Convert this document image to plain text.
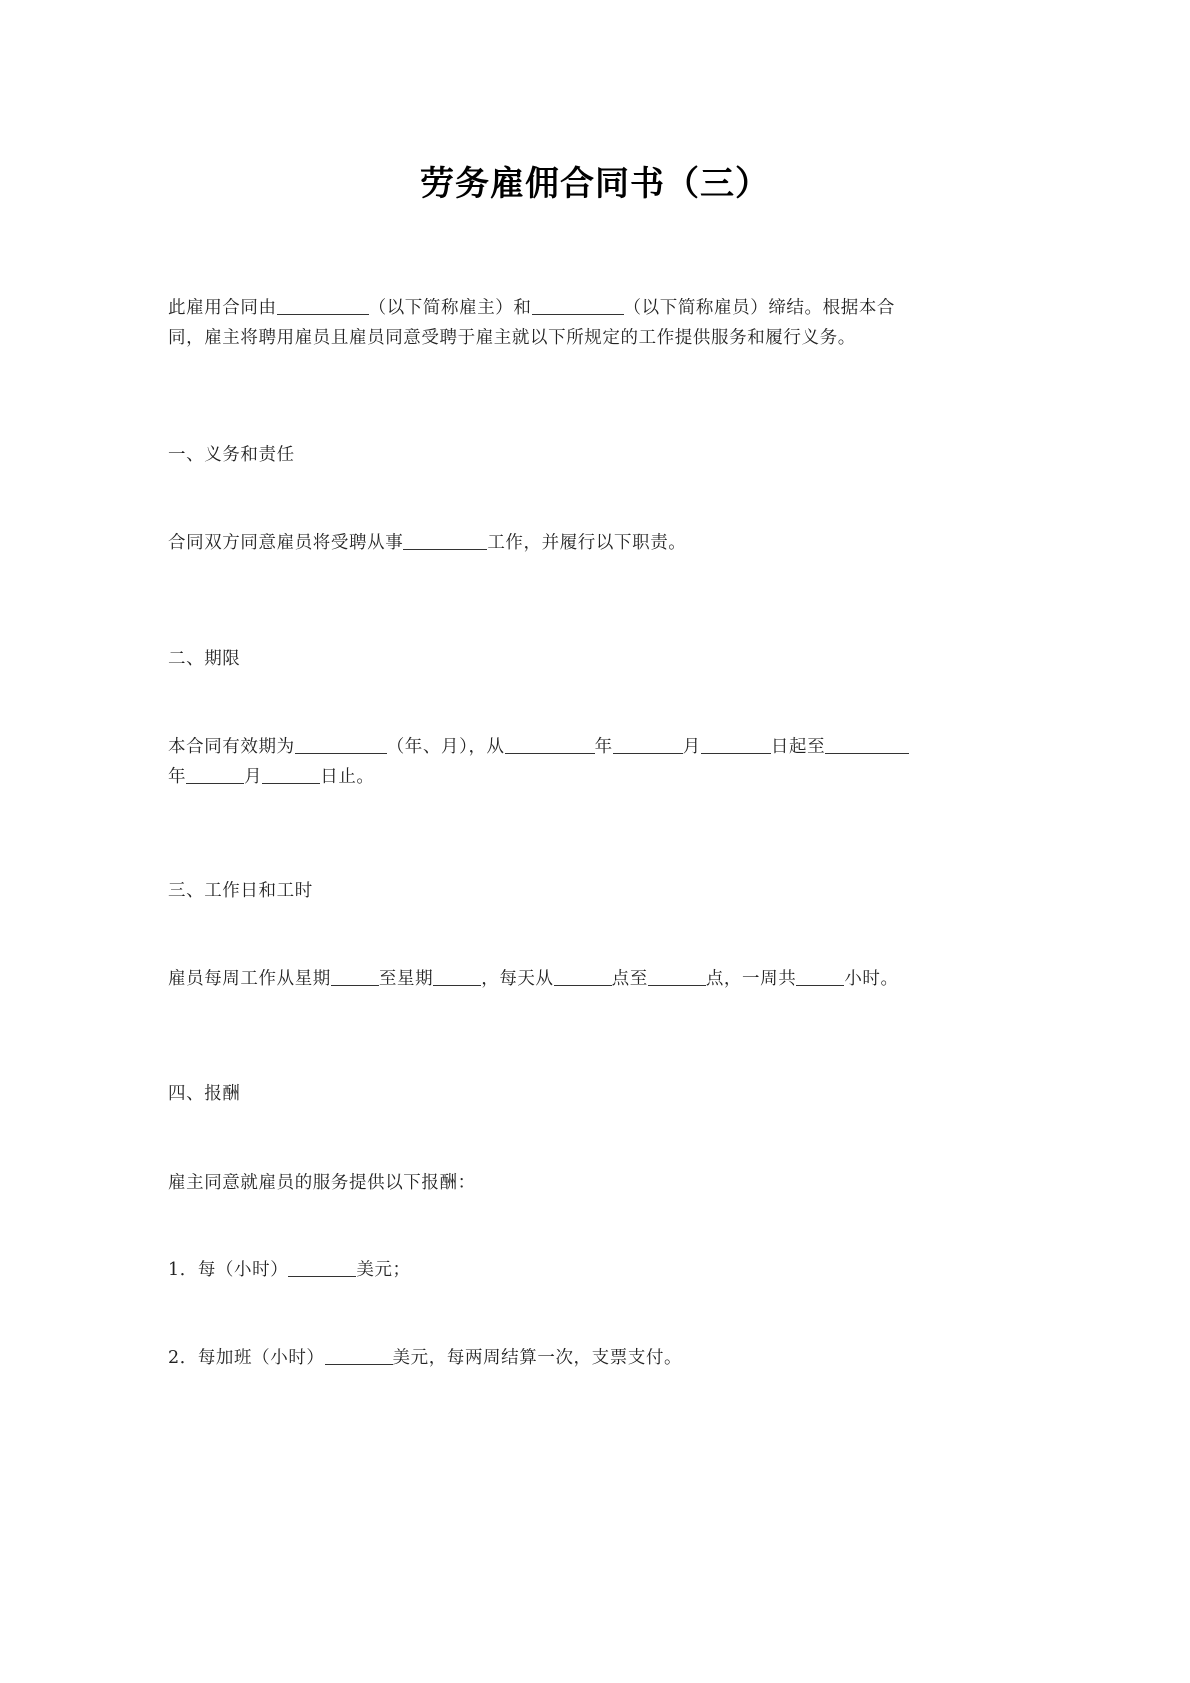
劳务雇佣合同书（三）
此雇用合同由	（以下简称雇主）和	（以下简称雇员）缔结。根据本合
同，雇主将聘用雇员且雇员同意受聘于雇主就以下所规定的工作提供服务和履行义务。
一、义务和责任
合同双方同意雇员将受聘从事	工作，并履行以下职责。
二、期限
本合同有效期为	（年、月），从	年	月	日起至
年	月	日止。
三、工作日和工时
雇员每周工作从星期	至星期	，每天从	点至	点，一周共	小时。
四、报酬
雇主同意就雇员的服务提供以下报酬：
1．每（小时）	美元；
2．每加班（小时）	美元，每两周结算一次，支票支付。
